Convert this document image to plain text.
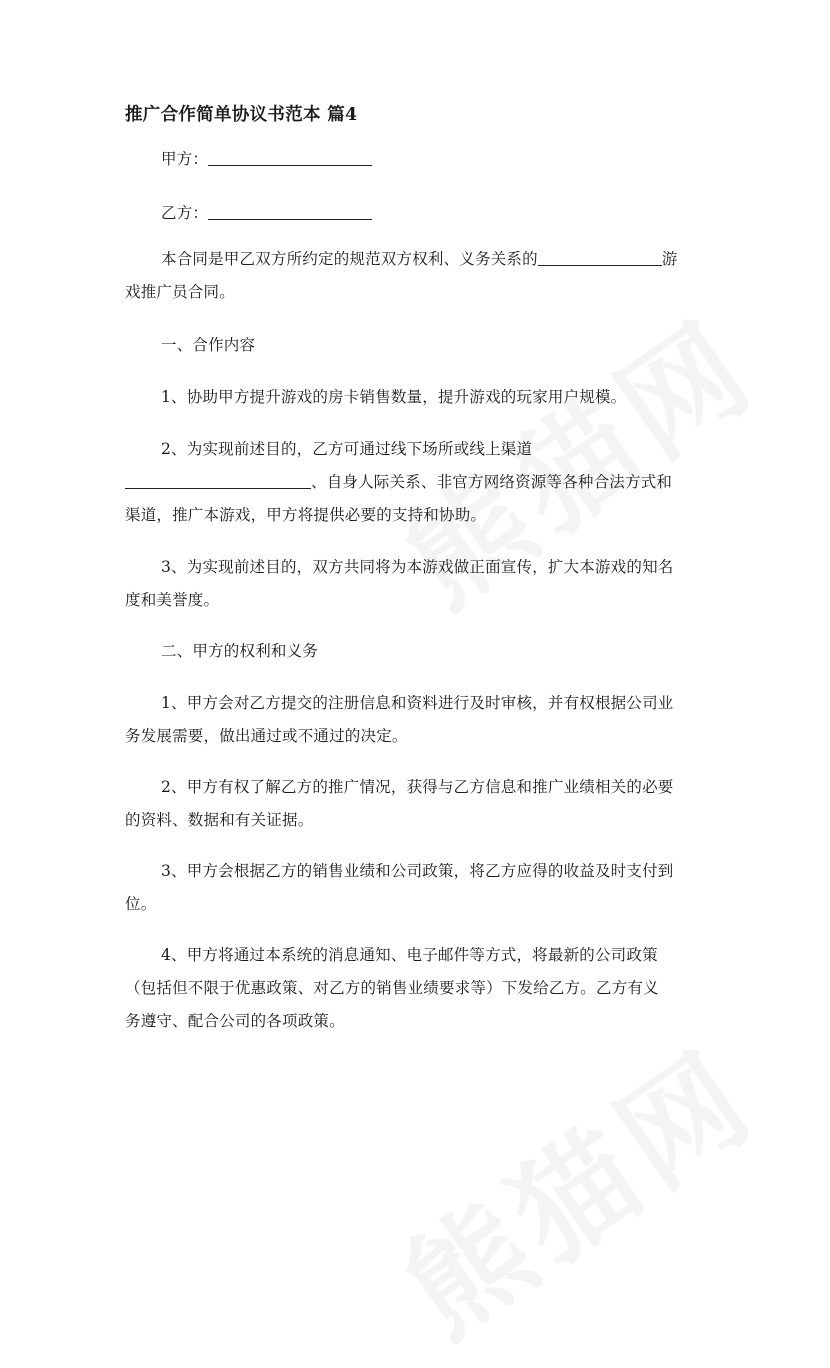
推广合作简单协议书范本 篇4
甲方：
乙方：
本合同是甲乙双方所约定的规范双方权利、义务关系的	游
戏推广员合同。
一、合作内容
1、协助甲方提升游戏的房卡销售数量，提升游戏的玩家用户规模。
2、为实现前述目的，乙方可通过线下场所或线上渠道
、自身人际关系、非官方网络资源等各种合法方式和
渠道，推广本游戏，甲方将提供必要的支持和协助。
3、为实现前述目的，双方共同将为本游戏做正面宣传，扩大本游戏的知名
度和美誉度。
二、甲方的权利和义务
1、甲方会对乙方提交的注册信息和资料进行及时审核，并有权根据公司业
务发展需要，做出通过或不通过的决定。
2、甲方有权了解乙方的推广情况，获得与乙方信息和推广业绩相关的必要
的资料、数据和有关证据。
3、甲方会根据乙方的销售业绩和公司政策，将乙方应得的收益及时支付到
位。
4、甲方将通过本系统的消息通知、电子邮件等方式，将最新的公司政策
（包括但不限于优惠政策、对乙方的销售业绩要求等）下发给乙方。乙方有义
务遵守、配合公司的各项政策。
